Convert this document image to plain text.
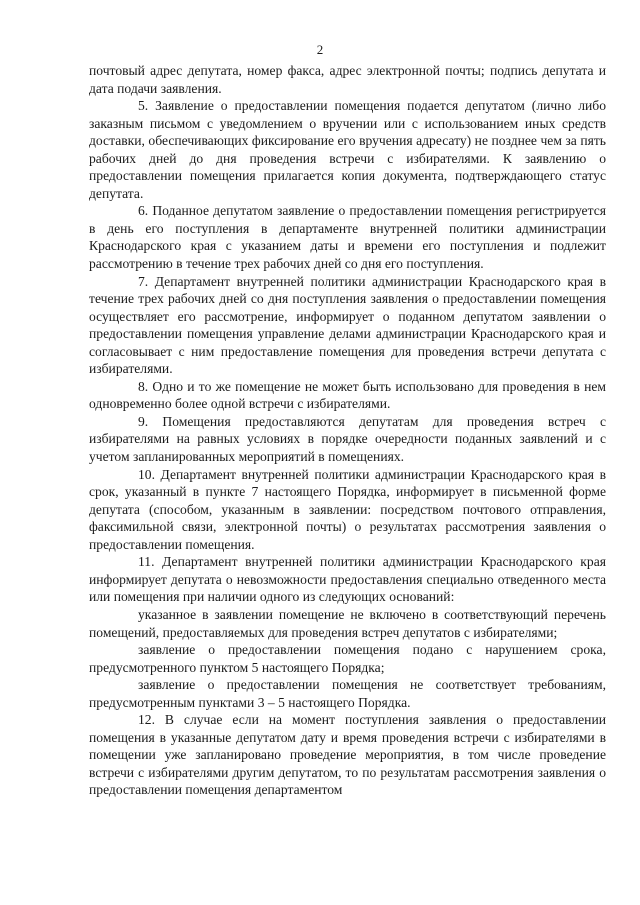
2

почтовый адрес депутата, номер факса, адрес электронной почты; подпись депутата и дата подачи заявления.

5. Заявление о предоставлении помещения подается депутатом (лично либо заказным письмом с уведомлением о вручении или с использованием иных средств доставки, обеспечивающих фиксирование его вручения адресату) не позднее чем за пять рабочих дней до дня проведения встречи с избирателями. К заявлению о предоставлении помещения прилагается копия документа, подтверждающего статус депутата.

6. Поданное депутатом заявление о предоставлении помещения регистрируется в день его поступления в департаменте внутренней политики администрации Краснодарского края с указанием даты и времени его поступления и подлежит рассмотрению в течение трех рабочих дней со дня его поступления.

7. Департамент внутренней политики администрации Краснодарского края в течение трех рабочих дней со дня поступления заявления о предоставлении помещения осуществляет его рассмотрение, информирует о поданном депутатом заявлении о предоставлении помещения управление делами администрации Краснодарского края и согласовывает с ним предоставление помещения для проведения встречи депутата с избирателями.

8. Одно и то же помещение не может быть использовано для проведения в нем одновременно более одной встречи с избирателями.

9. Помещения предоставляются депутатам для проведения встреч с избирателями на равных условиях в порядке очередности поданных заявлений и с учетом запланированных мероприятий в помещениях.

10. Департамент внутренней политики администрации Краснодарского края в срок, указанный в пункте 7 настоящего Порядка, информирует в письменной форме депутата (способом, указанным в заявлении: посредством почтового отправления, факсимильной связи, электронной почты) о результатах рассмотрения заявления о предоставлении помещения.

11. Департамент внутренней политики администрации Краснодарского края информирует депутата о невозможности предоставления специально отведенного места или помещения при наличии одного из следующих оснований:

указанное в заявлении помещение не включено в соответствующий перечень помещений, предоставляемых для проведения встреч депутатов с избирателями;

заявление о предоставлении помещения подано с нарушением срока, предусмотренного пунктом 5 настоящего Порядка;

заявление о предоставлении помещения не соответствует требованиям, предусмотренным пунктами 3 – 5 настоящего Порядка.

12. В случае если на момент поступления заявления о предоставлении помещения в указанные депутатом дату и время проведения встречи с избирателями в помещении уже запланировано проведение мероприятия, в том числе проведение встречи с избирателями другим депутатом, то по результатам рассмотрения заявления о предоставлении помещения департаментом
